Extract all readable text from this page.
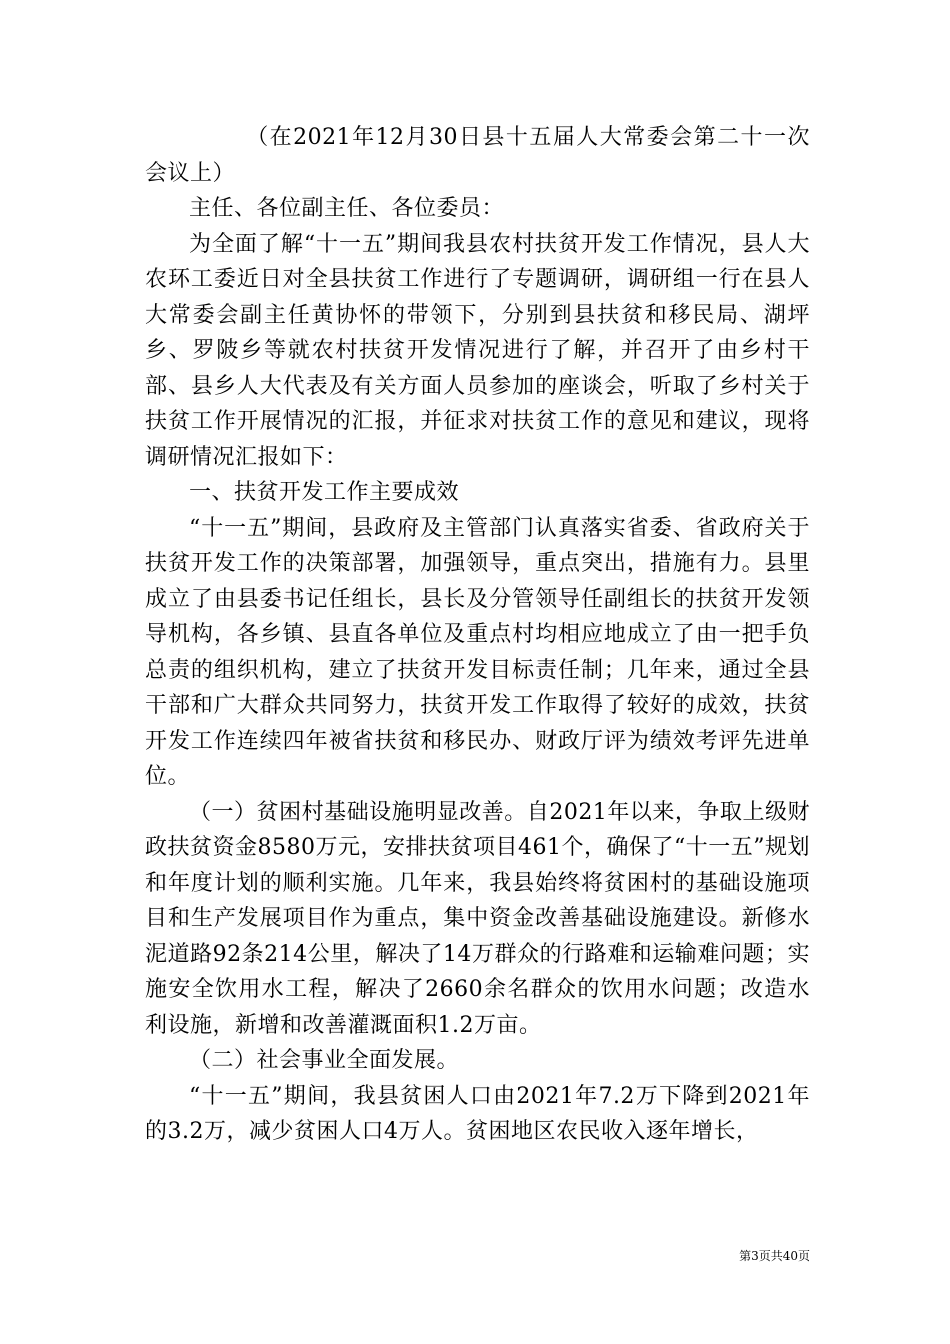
（在2021年12月30日县十五届人大常委会第二十一次会议上）

主任、各位副主任、各位委员：

为全面了解“十一五”期间我县农村扶贫开发工作情况，县人大农环工委近日对全县扶贫工作进行了专题调研，调研组一行在县人大常委会副主任黄协怀的带领下，分别到县扶贫和移民局、湖坪乡、罗陂乡等就农村扶贫开发情况进行了解，并召开了由乡村干部、县乡人大代表及有关方面人员参加的座谈会，听取了乡村关于扶贫工作开展情况的汇报，并征求对扶贫工作的意见和建议，现将调研情况汇报如下：

一、扶贫开发工作主要成效

“十一五”期间，县政府及主管部门认真落实省委、省政府关于扶贫开发工作的决策部署，加强领导，重点突出，措施有力。县里成立了由县委书记任组长，县长及分管领导任副组长的扶贫开发领导机构，各乡镇、县直各单位及重点村均相应地成立了由一把手负总责的组织机构，建立了扶贫开发目标责任制；几年来，通过全县干部和广大群众共同努力，扶贫开发工作取得了较好的成效，扶贫开发工作连续四年被省扶贫和移民办、财政厅评为绩效考评先进单位。

（一）贫困村基础设施明显改善。自2021年以来，争取上级财政扶贫资金8580万元，安排扶贫项目461个，确保了“十一五”规划和年度计划的顺利实施。几年来，我县始终将贫困村的基础设施项目和生产发展项目作为重点，集中资金改善基础设施建设。新修水泥道路92条214公里，解决了14万群众的行路难和运输难问题；实施安全饮用水工程，解决了2660余名群众的饮用水问题；改造水利设施，新增和改善灌溉面积1.2万亩。

（二）社会事业全面发展。

“十一五”期间，我县贫困人口由2021年7.2万下降到2021年的3.2万，减少贫困人口4万人。贫困地区农民收入逐年增长，

第3页共40页
